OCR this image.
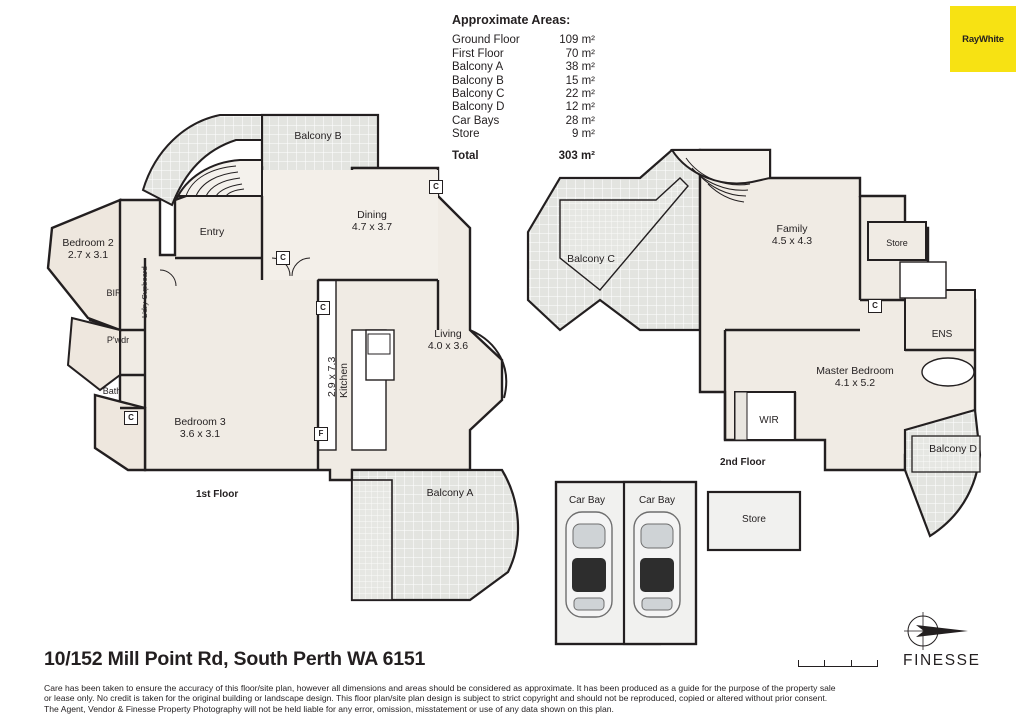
Approximate Areas:
Ground Floor	109 m²
First Floor	70 m²
Balcony A	38 m²
Balcony B	15 m²
Balcony C	22 m²
Balcony D	12 m²
Car Bays	28 m²
Store	9 m²
Total	303 m²
RayWhite
Balcony B
Dining
4.7 x 3.7
Entry
Bedroom 2
2.7 x 3.1
Living
4.0 x 3.6
Kitchen
2.9 x 7.3
Bedroom 3
3.6 x 3.1
Balcony A
BIR	L'dry Cupboard
P'wdr
Bath
1st Floor
C
C
C
C
F
Balcony C
Family
4.5 x 4.3
Master Bedroom
4.1 x 5.2
Balcony D
Store
ENS
WIR
2nd Floor
C
Car Bay	Car Bay
Store
10/152 Mill Point Rd, South Perth WA 6151
Care has been taken to ensure the accuracy of this floor/site plan, however all dimensions and areas should be considered as approximate. It has been produced as a guide for the purpose of the property sale
or lease only. No credit is taken for the original building or landscape design. This floor plan/site plan design is subject to strict copyright and should not be reproduced, copied or altered without prior consent.
The Agent, Vendor & Finesse Property Photography will not be held liable for any error, omission, misstatement or use of any data shown on this plan.
FINESSE
